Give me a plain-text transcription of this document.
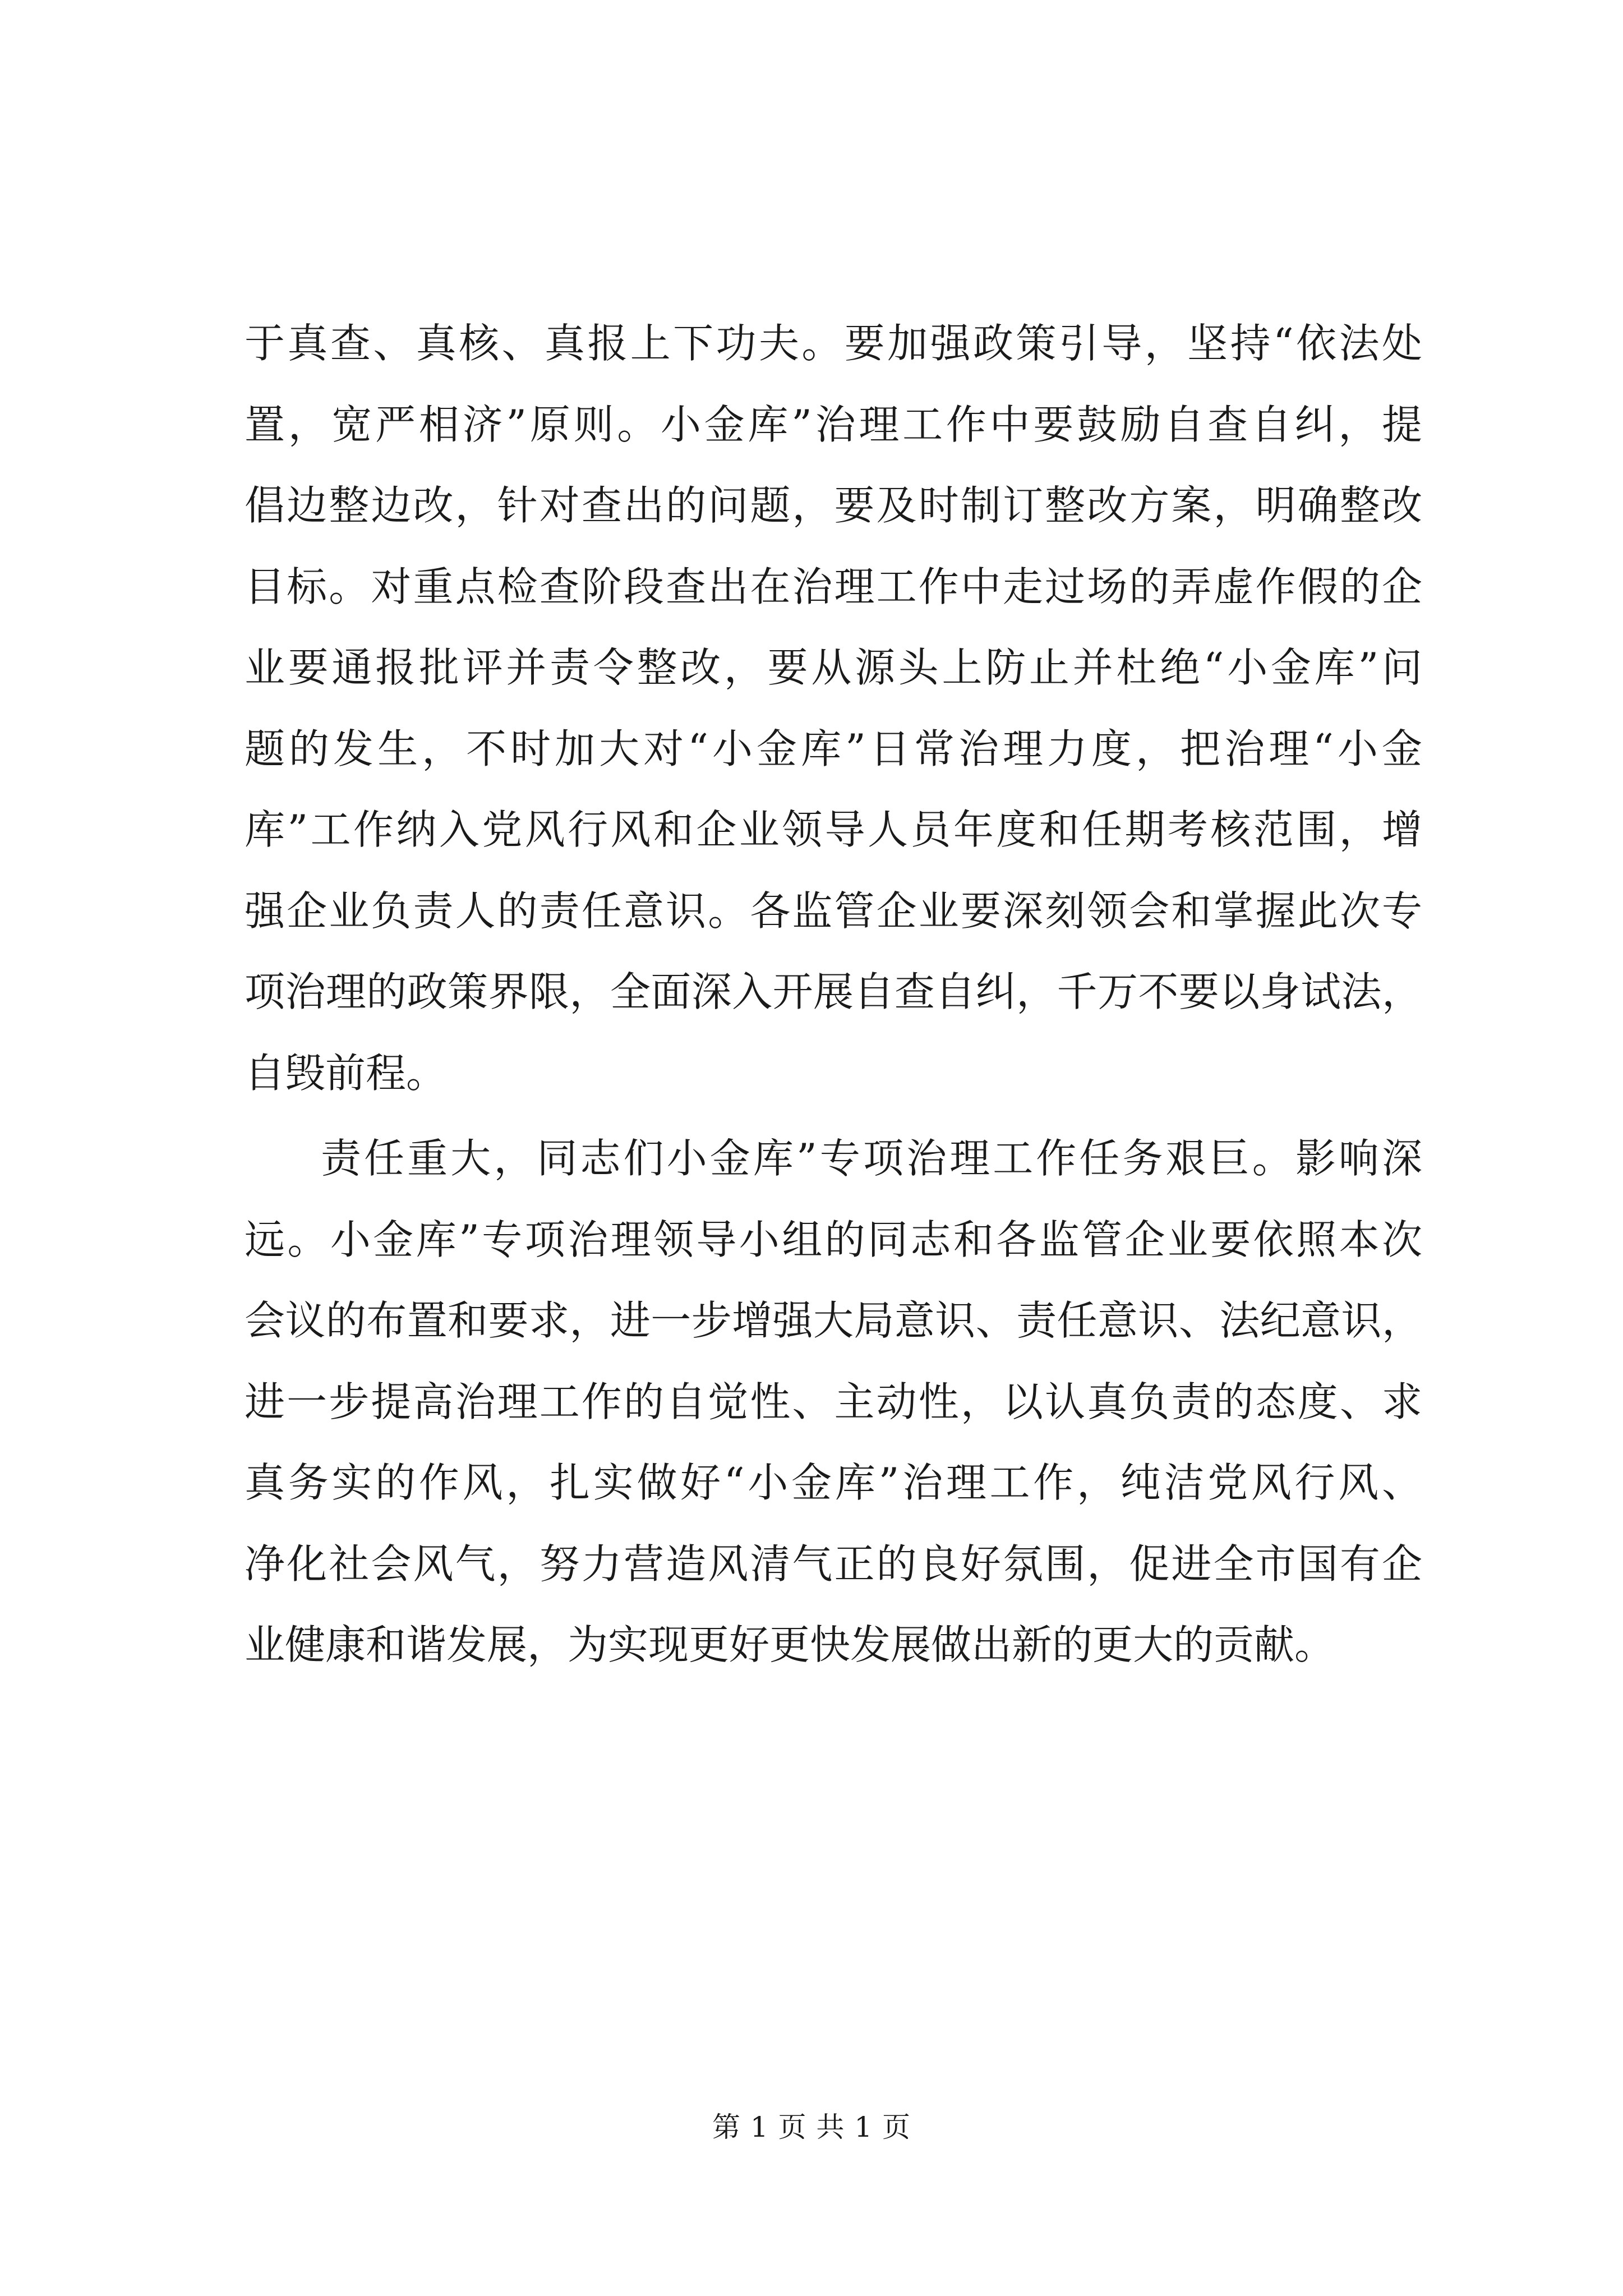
于真查、真核、真报上下功夫。要加强政策引导，坚持“依法处
置，宽严相济”原则。小金库”治理工作中要鼓励自查自纠，提
倡边整边改，针对查出的问题，要及时制订整改方案，明确整改
目标。对重点检查阶段查出在治理工作中走过场的弄虚作假的企
业要通报批评并责令整改，要从源头上防止并杜绝“小金库”问
题的发生，不时加大对“小金库”日常治理力度，把治理“小金
库”工作纳入党风行风和企业领导人员年度和任期考核范围，增
强企业负责人的责任意识。各监管企业要深刻领会和掌握此次专
项治理的政策界限，全面深入开展自查自纠，千万不要以身试法，
自毁前程。
责任重大，同志们小金库”专项治理工作任务艰巨。影响深
远。小金库”专项治理领导小组的同志和各监管企业要依照本次
会议的布置和要求，进一步增强大局意识、责任意识、法纪意识，
进一步提高治理工作的自觉性、主动性，以认真负责的态度、求
真务实的作风，扎实做好“小金库”治理工作，纯洁党风行风、
净化社会风气，努力营造风清气正的良好氛围，促进全市国有企
业健康和谐发展，为实现更好更快发展做出新的更大的贡献。
第 1 页 共 1 页
